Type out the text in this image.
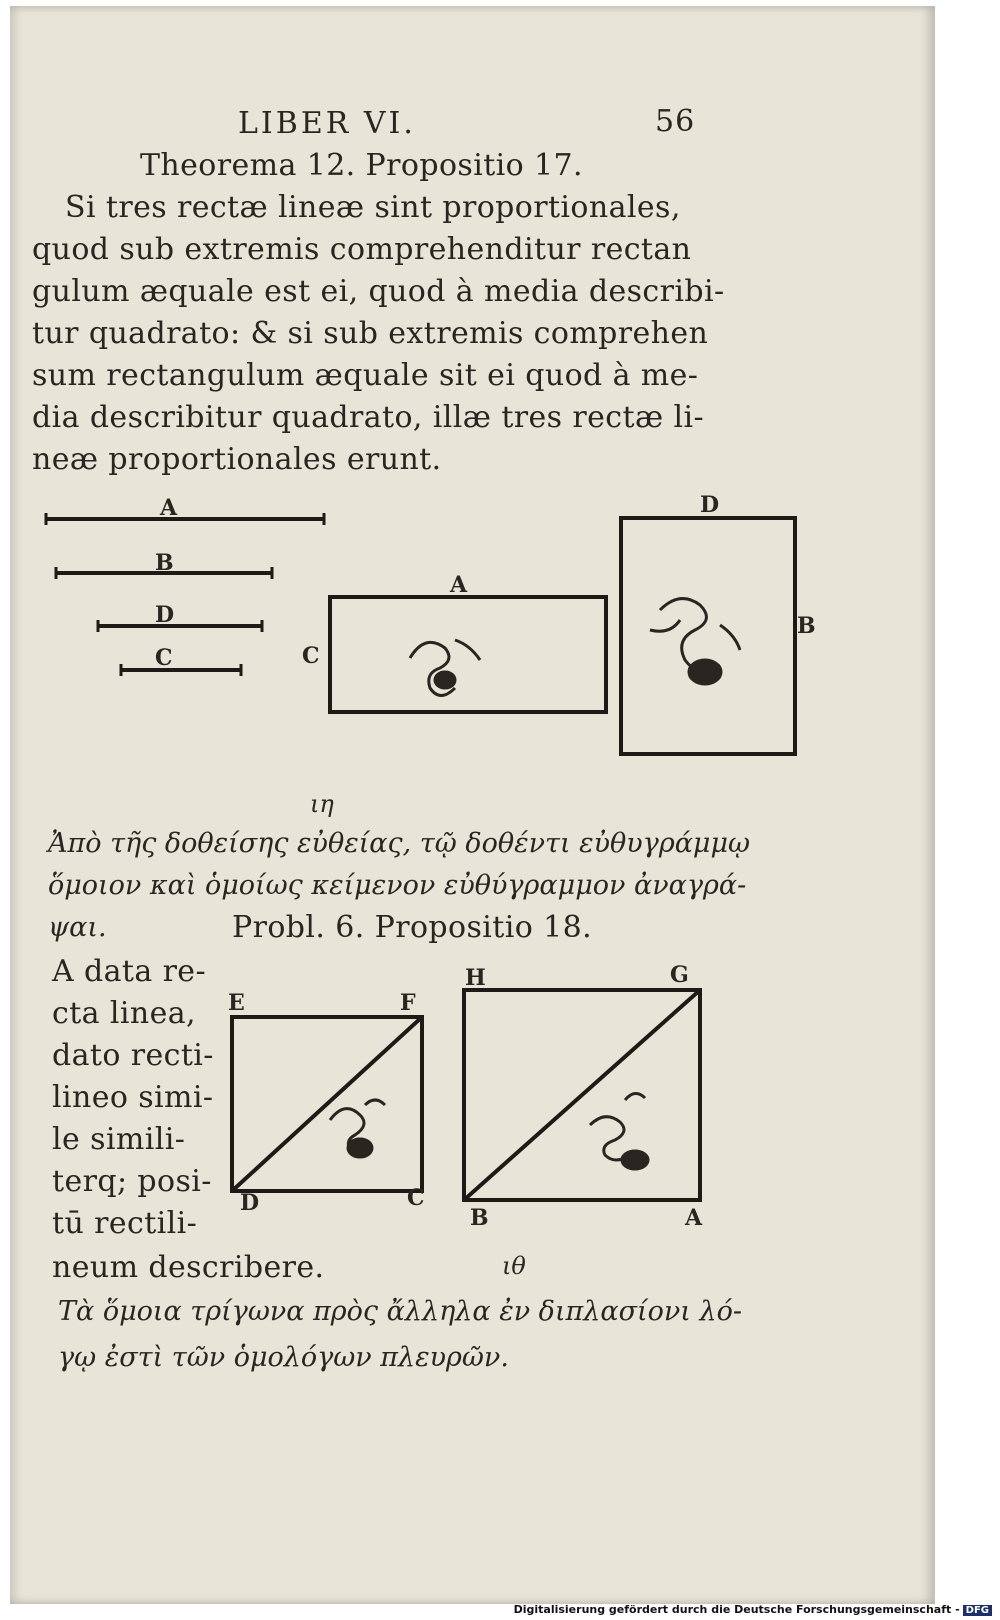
LIBER VI.	56
Theorema 12. Propositio 17.
Si tres rectæ lineæ sint proportionales,
quod sub extremis comprehenditur rectan
gulum æquale est ei, quod à media describi-
tur quadrato: & si sub extremis comprehen
sum rectangulum æquale sit ei quod à me-
dia describitur quadrato, illæ tres rectæ li-
neæ proportionales erunt.
A
B
D
C
A
C
D
B
ιη
Ἀπὸ τῆς δοθείσης εὐθείας, τῷ δοθέντι εὐθυγράμμῳ
ὅμοιον καὶ ὁμοίως κείμενον εὐθύγραμμον ἀναγρά-
ψαι.	Probl. 6. Propositio 18.
A data re-
cta linea,
dato recti-
lineo simi-
le simili-
terq; posi-
tū rectili-
neum describere.
E	F
D	C
H	G
B	A
ιθ
Τὰ ὅμοια τρίγωνα πρὸς ἄλληλα ἐν διπλασίονι λό-
γῳ ἐστὶ τῶν ὁμολόγων πλευρῶν.
Digitalisierung gefördert durch die Deutsche Forschungsgemeinschaft - DFG
